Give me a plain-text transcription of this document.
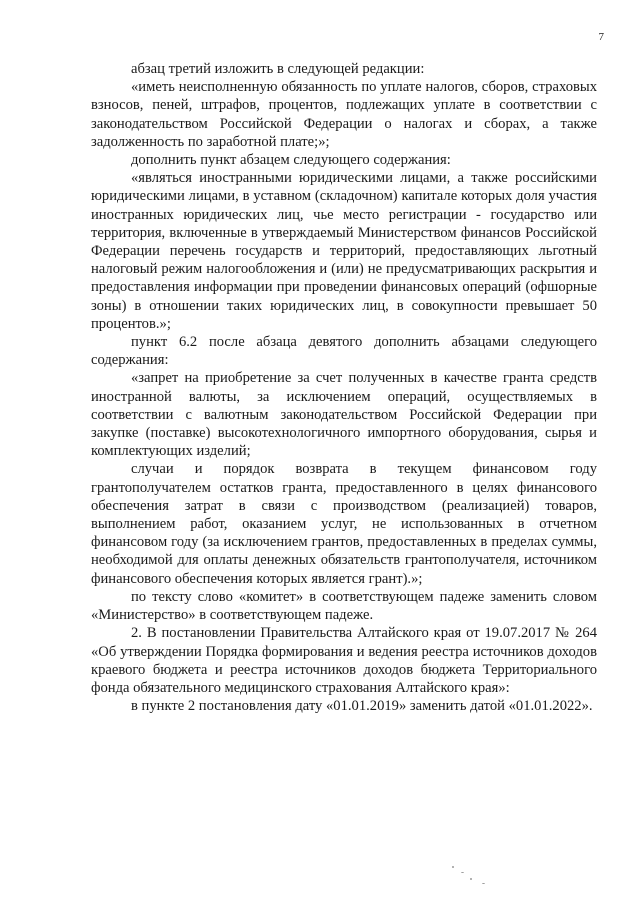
7

абзац третий изложить в следующей редакции:

«иметь неисполненную обязанность по уплате налогов, сборов, страховых взносов, пеней, штрафов, процентов, подлежащих уплате в соответствии с законодательством Российской Федерации о налогах и сборах, а также задолженность по заработной плате;»;

дополнить пункт абзацем следующего содержания:

«являться иностранными юридическими лицами, а также российскими юридическими лицами, в уставном (складочном) капитале которых доля участия иностранных юридических лиц, чье место регистрации - государство или территория, включенные в утверждаемый Министерством финансов Российской Федерации перечень государств и территорий, предоставляющих льготный налоговый режим налогообложения и (или) не предусматривающих раскрытия и предоставления информации при проведении финансовых операций (офшорные зоны) в отношении таких юридических лиц, в совокупности превышает 50 процентов.»;

пункт 6.2 после абзаца девятого дополнить абзацами следующего содержания:

«запрет на приобретение за счет полученных в качестве гранта средств иностранной валюты, за исключением операций, осуществляемых в соответствии с валютным законодательством Российской Федерации при закупке (поставке) высокотехнологичного импортного оборудования, сырья и комплектующих изделий;

случаи и порядок возврата в текущем финансовом году грантополучателем остатков гранта, предоставленного в целях финансового обеспечения затрат в связи с производством (реализацией) товаров, выполнением работ, оказанием услуг, не использованных в отчетном финансовом году (за исключением грантов, предоставленных в пределах суммы, необходимой для оплаты денежных обязательств грантополучателя, источником финансового обеспечения которых является грант).»;

по тексту слово «комитет» в соответствующем падеже заменить словом «Министерство» в соответствующем падеже.

2. В постановлении Правительства Алтайского края от 19.07.2017 № 264 «Об утверждении Порядка формирования и ведения реестра источников доходов краевого бюджета и реестра источников доходов бюджета Территориального фонда обязательного медицинского страхования Алтайского края»:

в пункте 2 постановления дату «01.01.2019» заменить датой «01.01.2022».
